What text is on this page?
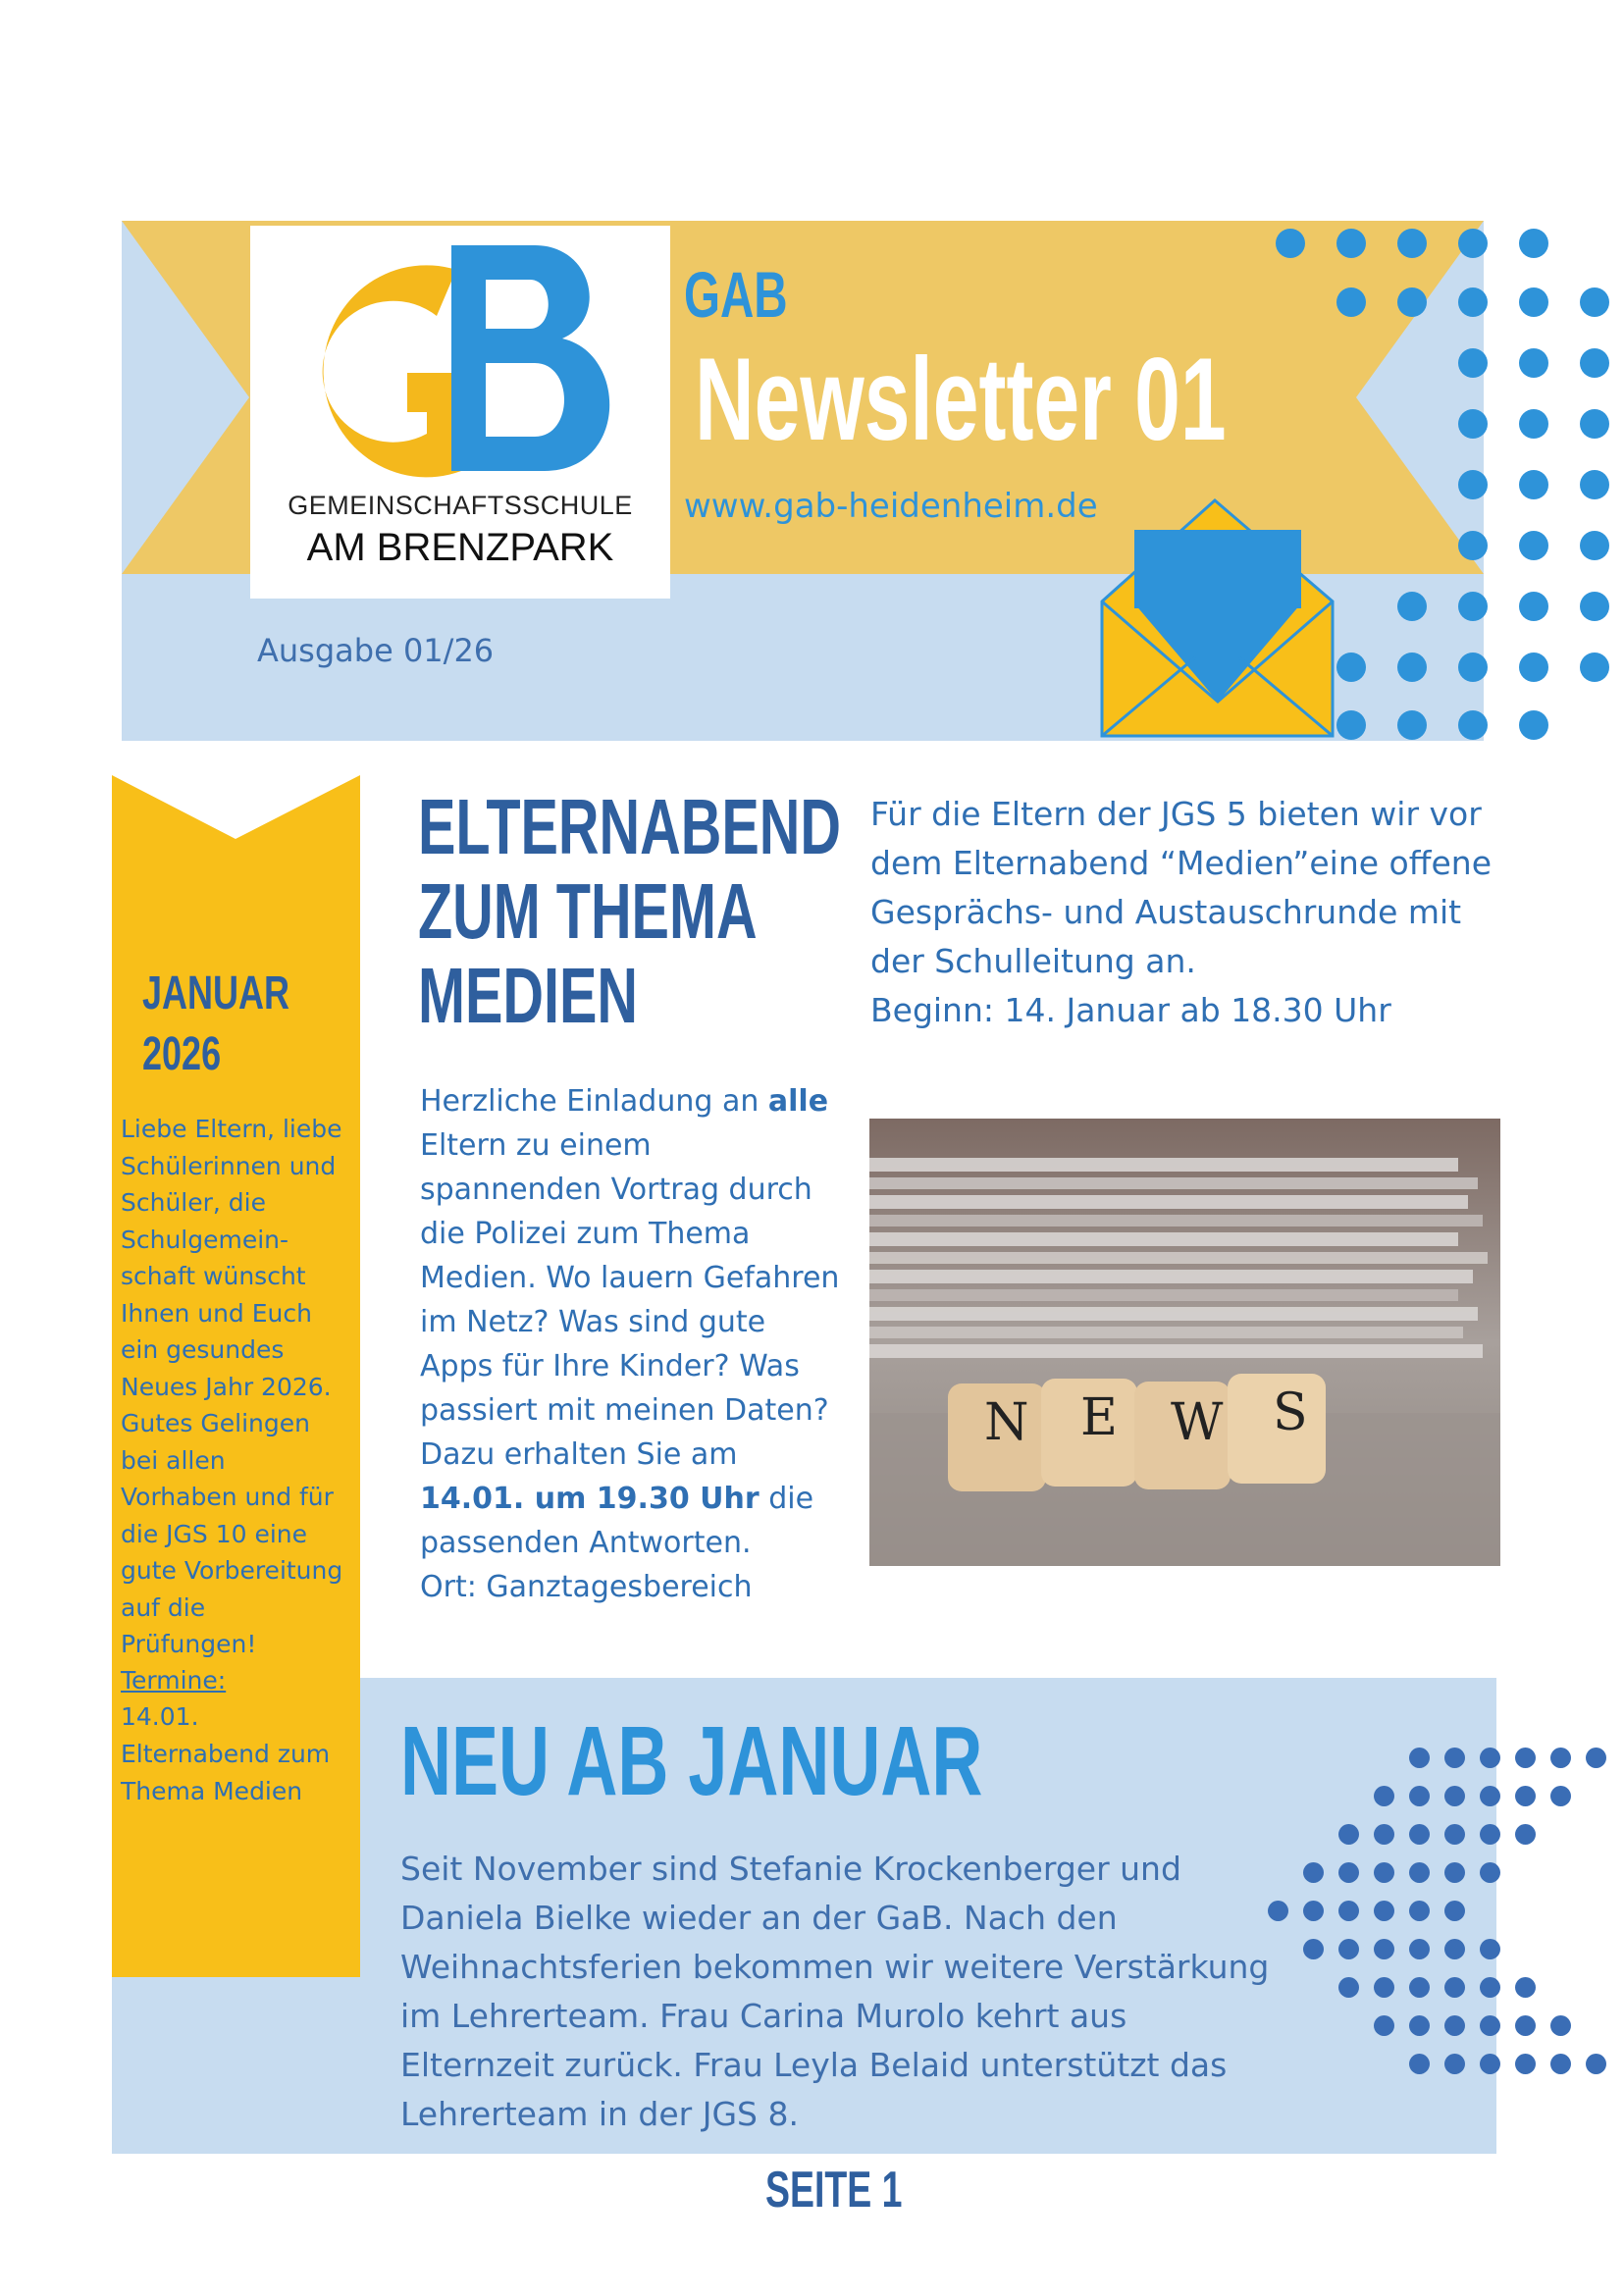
GEMEINSCHAFTSSCHULE
AM BRENZPARK
GAB
Newsletter 01
www.gab-heidenheim.de
Ausgabe 01/26
JANUAR
2026
Liebe Eltern, liebe Schülerinnen und Schüler, die Schulgemein-schaft wünscht Ihnen und Euch ein gesundes Neues Jahr 2026. Gutes Gelingen bei allen Vorhaben und für die JGS 10 eine gute Vorbereitung auf die Prüfungen!
Termine:
14.01.
Elternabend zum Thema Medien
ELTERNABEND
ZUM THEMA
MEDIEN
Herzliche Einladung an alle Eltern zu einem spannenden Vortrag durch die Polizei zum Thema Medien. Wo lauern Gefahren im Netz? Was sind gute Apps für Ihre Kinder? Was passiert mit meinen Daten? Dazu erhalten Sie am 14.01. um 19.30 Uhr die passenden Antworten.
Ort: Ganztagesbereich
Für die Eltern der JGS 5 bieten wir vor dem Elternabend “Medien”eine offene Gesprächs- und Austauschrunde mit der Schulleitung an.
Beginn: 14. Januar ab 18.30 Uhr
N E W S
NEU AB JANUAR
Seit November sind Stefanie Krockenberger und Daniela Bielke wieder an der GaB. Nach den Weihnachtsferien bekommen wir weitere Verstärkung im Lehrerteam. Frau Carina Murolo kehrt aus Elternzeit zurück. Frau Leyla Belaid unterstützt das Lehrerteam in der JGS 8.
SEITE 1
